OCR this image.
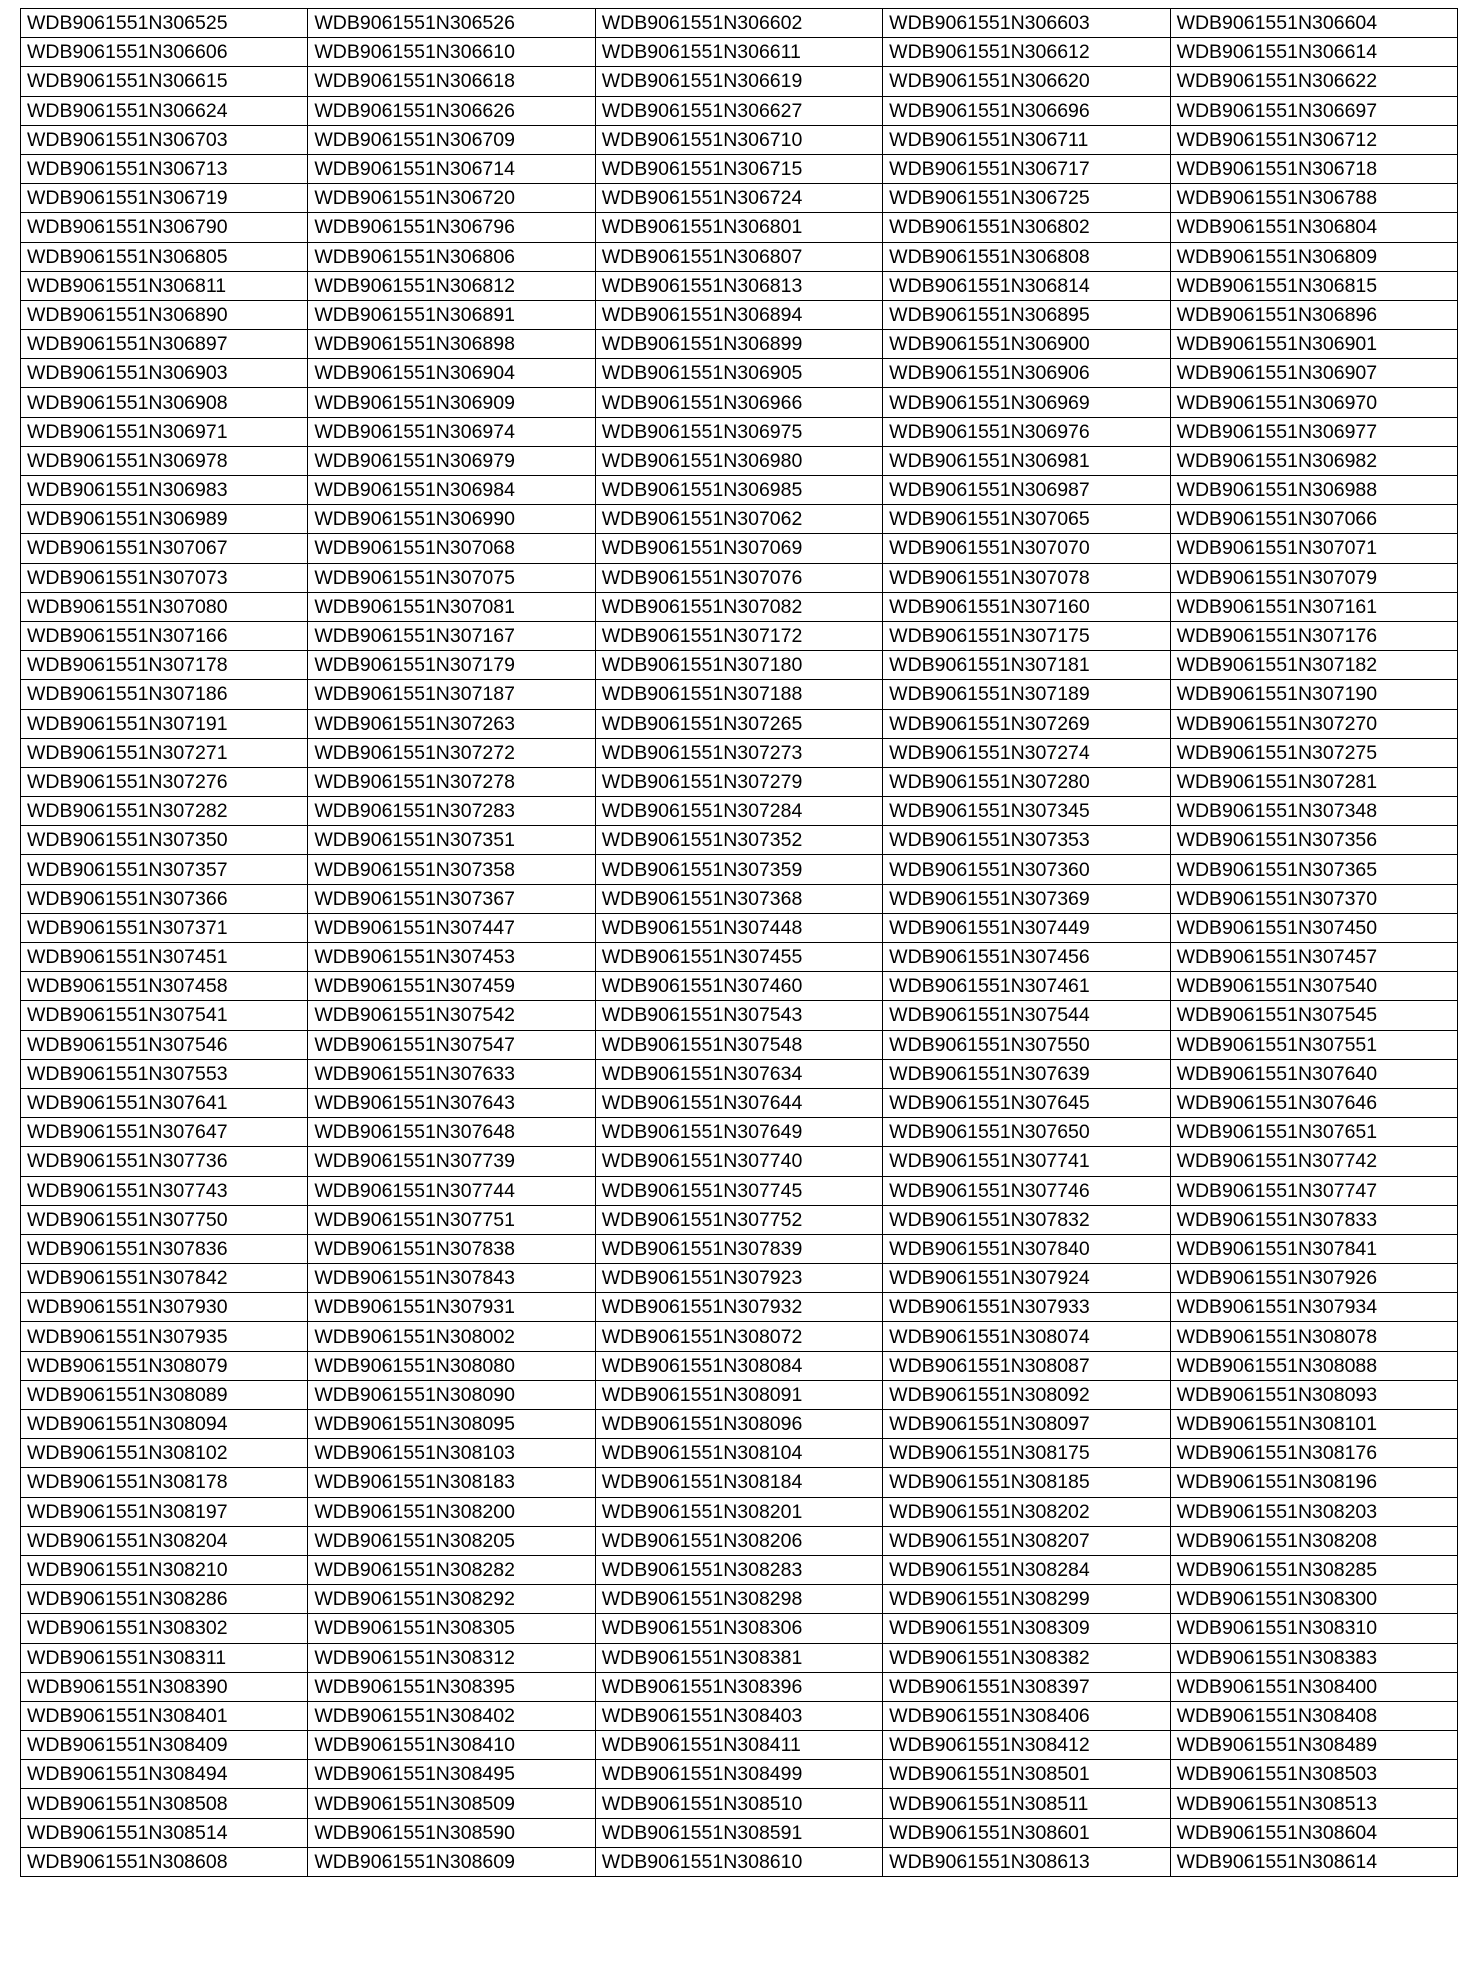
WDB9061551N306525	WDB9061551N306526	WDB9061551N306602	WDB9061551N306603	WDB9061551N306604
WDB9061551N306606	WDB9061551N306610	WDB9061551N306611	WDB9061551N306612	WDB9061551N306614
WDB9061551N306615	WDB9061551N306618	WDB9061551N306619	WDB9061551N306620	WDB9061551N306622
WDB9061551N306624	WDB9061551N306626	WDB9061551N306627	WDB9061551N306696	WDB9061551N306697
WDB9061551N306703	WDB9061551N306709	WDB9061551N306710	WDB9061551N306711	WDB9061551N306712
WDB9061551N306713	WDB9061551N306714	WDB9061551N306715	WDB9061551N306717	WDB9061551N306718
WDB9061551N306719	WDB9061551N306720	WDB9061551N306724	WDB9061551N306725	WDB9061551N306788
WDB9061551N306790	WDB9061551N306796	WDB9061551N306801	WDB9061551N306802	WDB9061551N306804
WDB9061551N306805	WDB9061551N306806	WDB9061551N306807	WDB9061551N306808	WDB9061551N306809
WDB9061551N306811	WDB9061551N306812	WDB9061551N306813	WDB9061551N306814	WDB9061551N306815
WDB9061551N306890	WDB9061551N306891	WDB9061551N306894	WDB9061551N306895	WDB9061551N306896
WDB9061551N306897	WDB9061551N306898	WDB9061551N306899	WDB9061551N306900	WDB9061551N306901
WDB9061551N306903	WDB9061551N306904	WDB9061551N306905	WDB9061551N306906	WDB9061551N306907
WDB9061551N306908	WDB9061551N306909	WDB9061551N306966	WDB9061551N306969	WDB9061551N306970
WDB9061551N306971	WDB9061551N306974	WDB9061551N306975	WDB9061551N306976	WDB9061551N306977
WDB9061551N306978	WDB9061551N306979	WDB9061551N306980	WDB9061551N306981	WDB9061551N306982
WDB9061551N306983	WDB9061551N306984	WDB9061551N306985	WDB9061551N306987	WDB9061551N306988
WDB9061551N306989	WDB9061551N306990	WDB9061551N307062	WDB9061551N307065	WDB9061551N307066
WDB9061551N307067	WDB9061551N307068	WDB9061551N307069	WDB9061551N307070	WDB9061551N307071
WDB9061551N307073	WDB9061551N307075	WDB9061551N307076	WDB9061551N307078	WDB9061551N307079
WDB9061551N307080	WDB9061551N307081	WDB9061551N307082	WDB9061551N307160	WDB9061551N307161
WDB9061551N307166	WDB9061551N307167	WDB9061551N307172	WDB9061551N307175	WDB9061551N307176
WDB9061551N307178	WDB9061551N307179	WDB9061551N307180	WDB9061551N307181	WDB9061551N307182
WDB9061551N307186	WDB9061551N307187	WDB9061551N307188	WDB9061551N307189	WDB9061551N307190
WDB9061551N307191	WDB9061551N307263	WDB9061551N307265	WDB9061551N307269	WDB9061551N307270
WDB9061551N307271	WDB9061551N307272	WDB9061551N307273	WDB9061551N307274	WDB9061551N307275
WDB9061551N307276	WDB9061551N307278	WDB9061551N307279	WDB9061551N307280	WDB9061551N307281
WDB9061551N307282	WDB9061551N307283	WDB9061551N307284	WDB9061551N307345	WDB9061551N307348
WDB9061551N307350	WDB9061551N307351	WDB9061551N307352	WDB9061551N307353	WDB9061551N307356
WDB9061551N307357	WDB9061551N307358	WDB9061551N307359	WDB9061551N307360	WDB9061551N307365
WDB9061551N307366	WDB9061551N307367	WDB9061551N307368	WDB9061551N307369	WDB9061551N307370
WDB9061551N307371	WDB9061551N307447	WDB9061551N307448	WDB9061551N307449	WDB9061551N307450
WDB9061551N307451	WDB9061551N307453	WDB9061551N307455	WDB9061551N307456	WDB9061551N307457
WDB9061551N307458	WDB9061551N307459	WDB9061551N307460	WDB9061551N307461	WDB9061551N307540
WDB9061551N307541	WDB9061551N307542	WDB9061551N307543	WDB9061551N307544	WDB9061551N307545
WDB9061551N307546	WDB9061551N307547	WDB9061551N307548	WDB9061551N307550	WDB9061551N307551
WDB9061551N307553	WDB9061551N307633	WDB9061551N307634	WDB9061551N307639	WDB9061551N307640
WDB9061551N307641	WDB9061551N307643	WDB9061551N307644	WDB9061551N307645	WDB9061551N307646
WDB9061551N307647	WDB9061551N307648	WDB9061551N307649	WDB9061551N307650	WDB9061551N307651
WDB9061551N307736	WDB9061551N307739	WDB9061551N307740	WDB9061551N307741	WDB9061551N307742
WDB9061551N307743	WDB9061551N307744	WDB9061551N307745	WDB9061551N307746	WDB9061551N307747
WDB9061551N307750	WDB9061551N307751	WDB9061551N307752	WDB9061551N307832	WDB9061551N307833
WDB9061551N307836	WDB9061551N307838	WDB9061551N307839	WDB9061551N307840	WDB9061551N307841
WDB9061551N307842	WDB9061551N307843	WDB9061551N307923	WDB9061551N307924	WDB9061551N307926
WDB9061551N307930	WDB9061551N307931	WDB9061551N307932	WDB9061551N307933	WDB9061551N307934
WDB9061551N307935	WDB9061551N308002	WDB9061551N308072	WDB9061551N308074	WDB9061551N308078
WDB9061551N308079	WDB9061551N308080	WDB9061551N308084	WDB9061551N308087	WDB9061551N308088
WDB9061551N308089	WDB9061551N308090	WDB9061551N308091	WDB9061551N308092	WDB9061551N308093
WDB9061551N308094	WDB9061551N308095	WDB9061551N308096	WDB9061551N308097	WDB9061551N308101
WDB9061551N308102	WDB9061551N308103	WDB9061551N308104	WDB9061551N308175	WDB9061551N308176
WDB9061551N308178	WDB9061551N308183	WDB9061551N308184	WDB9061551N308185	WDB9061551N308196
WDB9061551N308197	WDB9061551N308200	WDB9061551N308201	WDB9061551N308202	WDB9061551N308203
WDB9061551N308204	WDB9061551N308205	WDB9061551N308206	WDB9061551N308207	WDB9061551N308208
WDB9061551N308210	WDB9061551N308282	WDB9061551N308283	WDB9061551N308284	WDB9061551N308285
WDB9061551N308286	WDB9061551N308292	WDB9061551N308298	WDB9061551N308299	WDB9061551N308300
WDB9061551N308302	WDB9061551N308305	WDB9061551N308306	WDB9061551N308309	WDB9061551N308310
WDB9061551N308311	WDB9061551N308312	WDB9061551N308381	WDB9061551N308382	WDB9061551N308383
WDB9061551N308390	WDB9061551N308395	WDB9061551N308396	WDB9061551N308397	WDB9061551N308400
WDB9061551N308401	WDB9061551N308402	WDB9061551N308403	WDB9061551N308406	WDB9061551N308408
WDB9061551N308409	WDB9061551N308410	WDB9061551N308411	WDB9061551N308412	WDB9061551N308489
WDB9061551N308494	WDB9061551N308495	WDB9061551N308499	WDB9061551N308501	WDB9061551N308503
WDB9061551N308508	WDB9061551N308509	WDB9061551N308510	WDB9061551N308511	WDB9061551N308513
WDB9061551N308514	WDB9061551N308590	WDB9061551N308591	WDB9061551N308601	WDB9061551N308604
WDB9061551N308608	WDB9061551N308609	WDB9061551N308610	WDB9061551N308613	WDB9061551N308614
